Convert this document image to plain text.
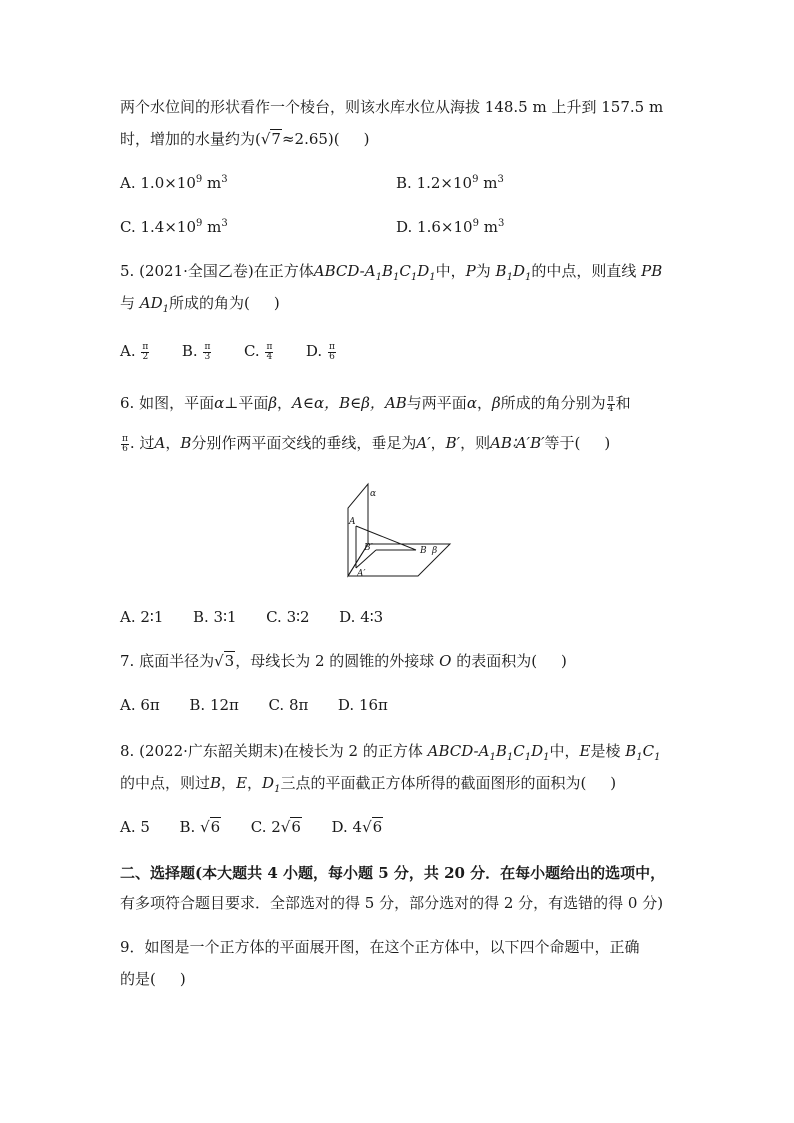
两个水位间的形状看作一个棱台，则该水库水位从海拔 148.5 m 上升到 157.5 m
时，增加的水量约为(√7≈2.65)( )
A. $1.0\times 10^9$ $m^3$	B. $1.2\times 10^9$ $m^3$
C. $1.4\times 10^9$ $m^3$	D. $1.6\times 10^9$ $m^3$
5. (2021·全国乙卷)在正方体ABCD-$A_1B_1C_1D_1$中，P为 $B_1D_1$的中点，则直线 PB
与 $AD_1$所成的角为( )
A. $\frac{\pi}{2} B$. $\frac{\pi}{3} C$. $\frac{\pi}{4} D$. $\frac{\pi}{6}$
6. 如图，平面α⊥平面β，A∈α，B∈β，AB与两平面α，β所成的角分别为 $\frac{\pi}{4}$ 和
$\frac{\pi}{6}$ . 过A，B分别作两平面交线的垂线，垂足为A′，B′，则AB∶A′B′等于( )
α
A
B′	B β
A′
A. 2∶1 B. 3∶1 C. 3∶2 D. 4∶3
7. 底面半径为√3，母线长为 2 的圆锥的外接球 O 的表面积为( )
A. 6π B. 12π C. 8π D. 16π
8. (2022·广东韶关期末)在棱长为 2 的正方体 ABCD-$A_1B_1C_1D_1$中，E是棱 $B_1C_1$
的中点，则过B，E，$D_1$三点的平面截正方体所得的截面图形的面积为( )
A. 5 B. √6 C. 2√6 D. 4√6
二、选择题(本大题共 4 小题，每小题 5 分，共 20 分．在每小题给出的选项中，
有多项符合题目要求．全部选对的得 5 分，部分选对的得 2 分，有选错的得 0 分)
9．如图是一个正方体的平面展开图，在这个正方体中，以下四个命题中，正确
的是( )
